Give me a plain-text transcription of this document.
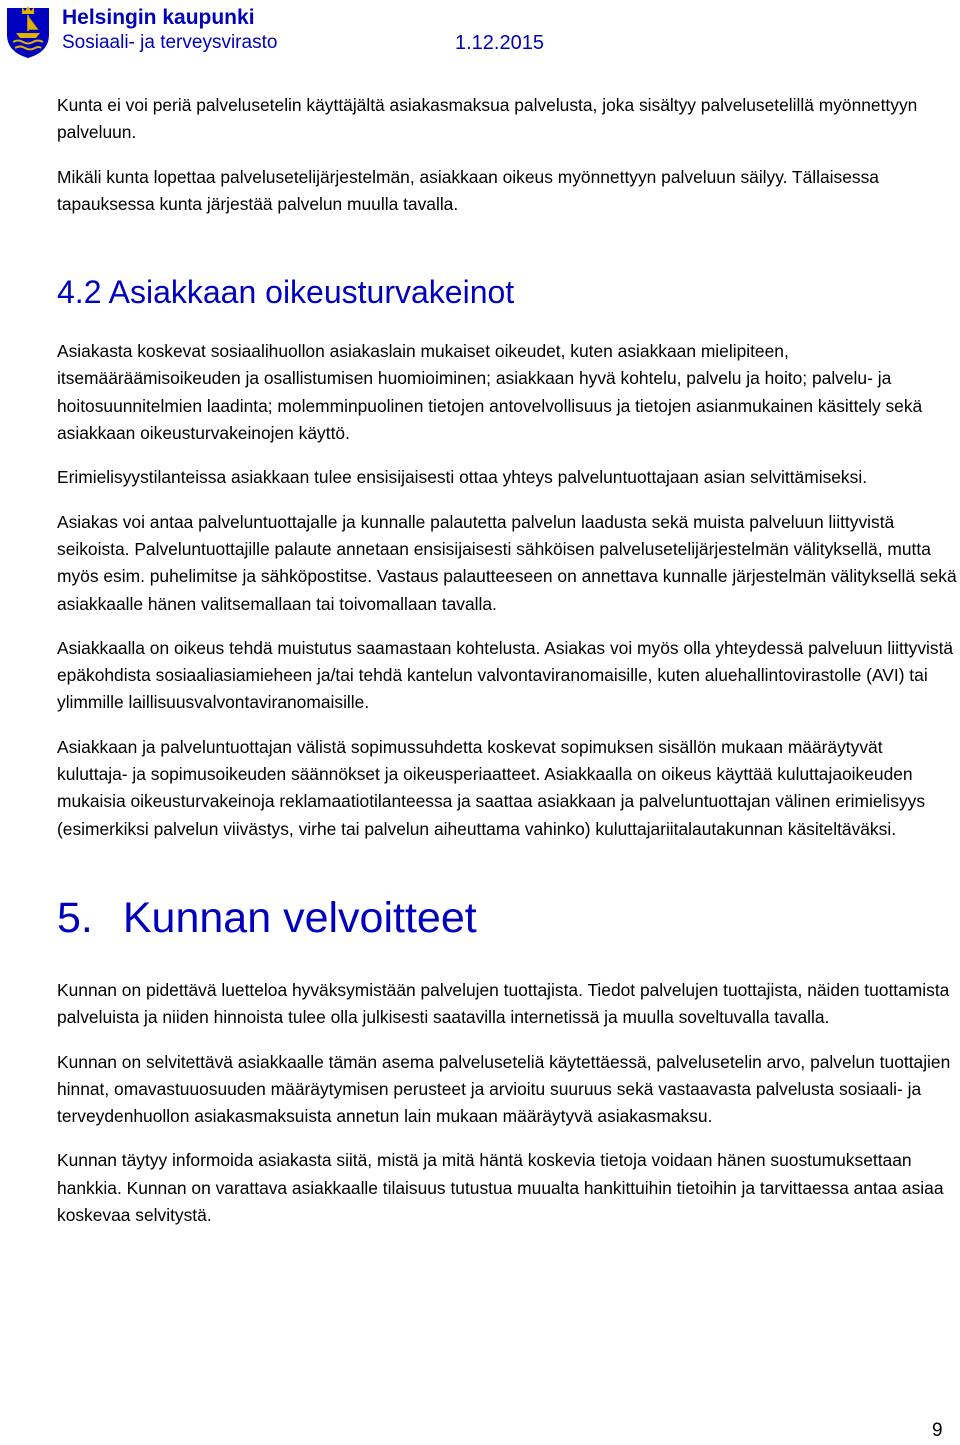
Helsingin kaupunki
Sosiaali- ja terveysvirasto	1.12.2015

Kunta ei voi periä palvelusetelin käyttäjältä asiakasmaksua palvelusta, joka sisältyy palvelusetelillä myönnettyyn palveluun.

Mikäli kunta lopettaa palvelusetelijärjestelmän, asiakkaan oikeus myönnettyyn palveluun säilyy. Tällaisessa tapauksessa kunta järjestää palvelun muulla tavalla.

4.2 Asiakkaan oikeusturvakeinot

Asiakasta koskevat sosiaalihuollon asiakaslain mukaiset oikeudet, kuten asiakkaan mielipiteen, itsemääräämisoikeuden ja osallistumisen huomioiminen; asiakkaan hyvä kohtelu, palvelu ja hoito; palvelu- ja hoitosuunnitelmien laadinta; molemminpuolinen tietojen antovelvollisuus ja tietojen asianmukainen käsittely sekä asiakkaan oikeusturvakeinojen käyttö.

Erimielisyystilanteissa asiakkaan tulee ensisijaisesti ottaa yhteys palveluntuottajaan asian selvittämiseksi.

Asiakas voi antaa palveluntuottajalle ja kunnalle palautetta palvelun laadusta sekä muista palveluun liittyvistä seikoista. Palveluntuottajille palaute annetaan ensisijaisesti sähköisen palvelusetelijärjestelmän välityksellä, mutta myös esim. puhelimitse ja sähköpostitse. Vastaus palautteeseen on annettava kunnalle järjestelmän välityksellä sekä asiakkaalle hänen valitsemallaan tai toivomallaan tavalla.

Asiakkaalla on oikeus tehdä muistutus saamastaan kohtelusta. Asiakas voi myös olla yhteydessä palveluun liittyvistä epäkohdista sosiaaliasiamieheen ja/tai tehdä kantelun valvontaviranomaisille, kuten aluehallintovirastolle (AVI) tai ylimmille laillisuusvalvontaviranomaisille.

Asiakkaan ja palveluntuottajan välistä sopimussuhdetta koskevat sopimuksen sisällön mukaan määräytyvät kuluttaja- ja sopimusoikeuden säännökset ja oikeusperiaatteet. Asiakkaalla on oikeus käyttää kuluttajaoikeuden mukaisia oikeusturvakeinoja reklamaatiotilanteessa ja saattaa asiakkaan ja palveluntuottajan välinen erimielisyys (esimerkiksi palvelun viivästys, virhe tai palvelun aiheuttama vahinko) kuluttajariitalautakunnan käsiteltäväksi.

5. Kunnan velvoitteet

Kunnan on pidettävä luetteloa hyväksymistään palvelujen tuottajista. Tiedot palvelujen tuottajista, näiden tuottamista palveluista ja niiden hinnoista tulee olla julkisesti saatavilla internetissä ja muulla soveltuvalla tavalla.

Kunnan on selvitettävä asiakkaalle tämän asema palveluseteliä käytettäessä, palvelusetelin arvo, palvelun tuottajien hinnat, omavastuuosuuden määräytymisen perusteet ja arvioitu suuruus sekä vastaavasta palvelusta sosiaali- ja terveydenhuollon asiakasmaksuista annetun lain mukaan määräytyvä asiakasmaksu.

Kunnan täytyy informoida asiakasta siitä, mistä ja mitä häntä koskevia tietoja voidaan hänen suostumuksettaan hankkia. Kunnan on varattava asiakkaalle tilaisuus tutustua muualta hankittuihin tietoihin ja tarvittaessa antaa asiaa koskevaa selvitystä.

9
